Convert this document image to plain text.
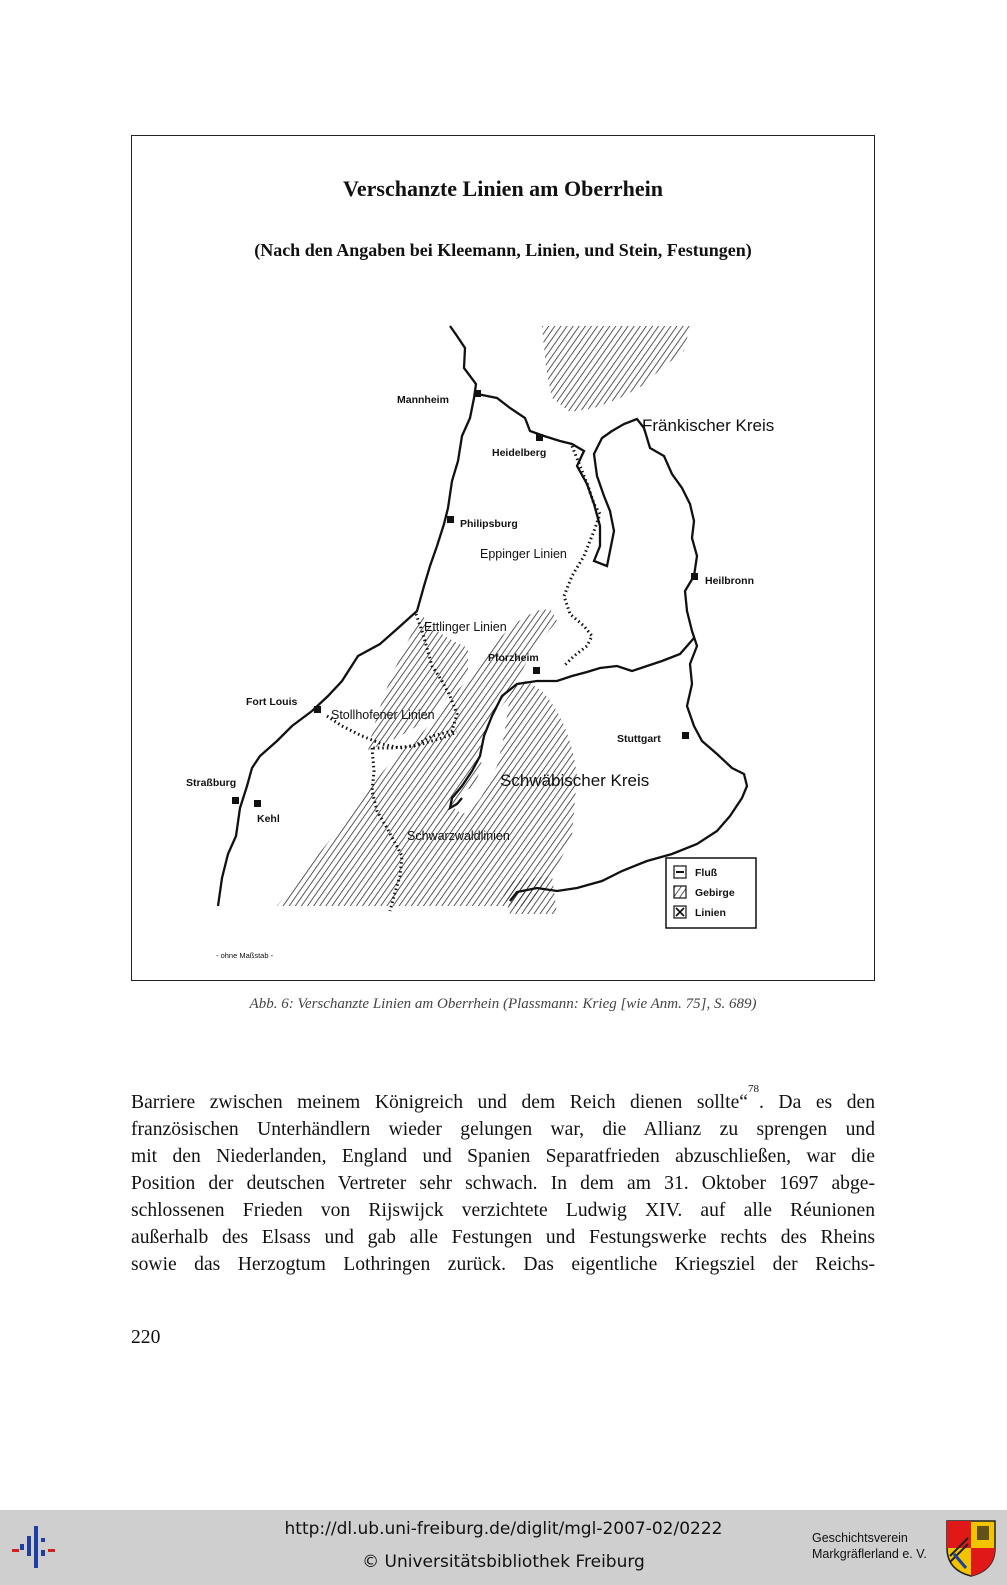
Verschanzte Linien am Oberrhein
(Nach den Angaben bei Kleemann, Linien, und Stein, Festungen)
Mannheim
Heidelberg
Philipsburg
Heilbronn
Pforzheim
Fort Louis
Stuttgart
Straßburg
Kehl
Eppinger Linien
Ettlinger Linien
Stollhofener Linien
Schwarzwaldlinien
Fränkischer Kreis
Schwäbischer Kreis
Fluß
Gebirge
Linien
- ohne Maßstab -
Abb. 6: Verschanzte Linien am Oberrhein (Plassmann: Krieg [wie Anm. 75], S. 689)
Barriere zwischen meinem Königreich und dem Reich dienen sollte“$^{78}$. Da es den
französischen Unterhändlern wieder gelungen war, die Allianz zu sprengen und
mit den Niederlanden, England und Spanien Separatfrieden abzuschließen, war die
Position der deutschen Vertreter sehr schwach. In dem am 31. Oktober 1697 abge-
schlossenen Frieden von Rijswijck verzichtete Ludwig XIV. auf alle Réunionen
außerhalb des Elsass und gab alle Festungen und Festungswerke rechts des Rheins
sowie das Herzogtum Lothringen zurück. Das eigentliche Kriegsziel der Reichs-
220
http://dl.ub.uni-freiburg.de/diglit/mgl-2007-02/0222
© Universitätsbibliothek Freiburg
Geschichtsverein
Markgräflerland e. V.
